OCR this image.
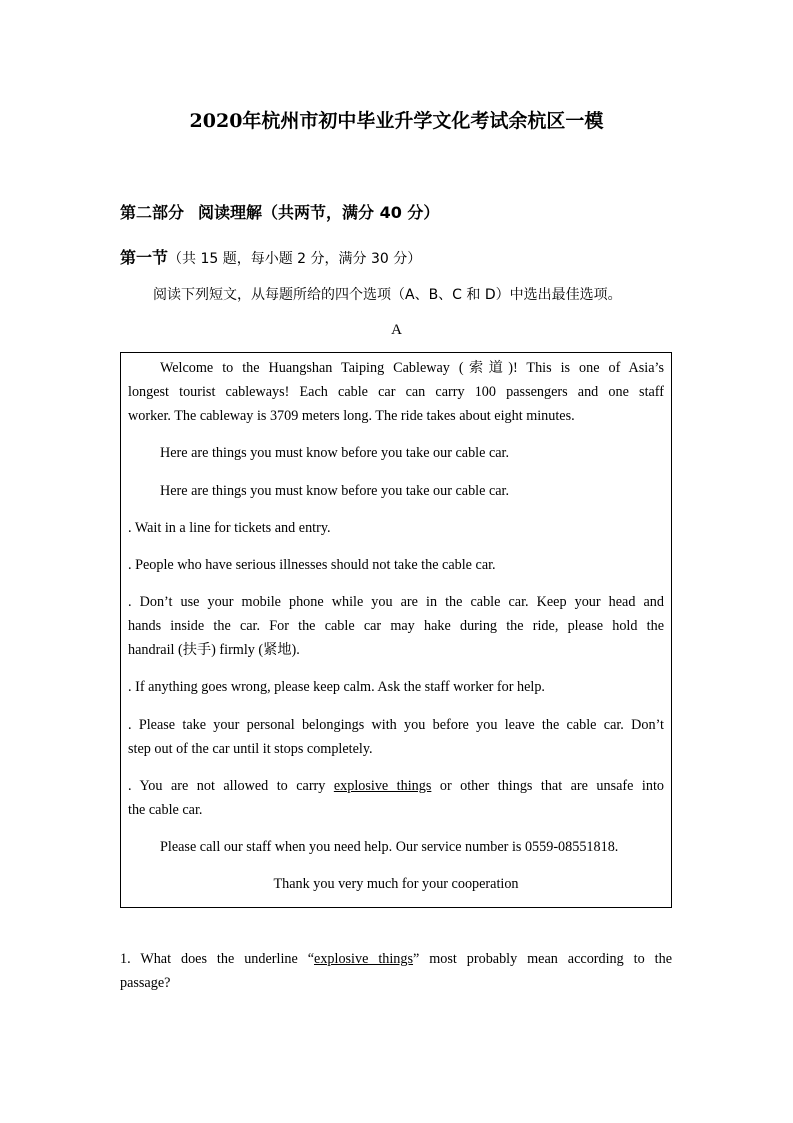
2020年杭州市初中毕业升学文化考试余杭区一模
第二部分 阅读理解（共两节，满分 40 分）
第一节（共 15 题，每小题 2 分，满分 30 分）
阅读下列短文，从每题所给的四个选项（A、B、C 和 D）中选出最佳选项。
A
Welcome to the Huangshan Taiping Cableway (索道)! This is one of Asia’s
longest tourist cableways! Each cable car can carry 100 passengers and one staff
worker. The cableway is 3709 meters long. The ride takes about eight minutes.
Here are things you must know before you take our cable car.
Here are things you must know before you take our cable car.
. Wait in a line for tickets and entry.
. People who have serious illnesses should not take the cable car.
. Don’t use your mobile phone while you are in the cable car. Keep your head and
hands inside the car. For the cable car may hake during the ride, please hold the
handrail (扶手) firmly (紧地).
. If anything goes wrong, please keep calm. Ask the staff worker for help.
. Please take your personal belongings with you before you leave the cable car. Don’t
step out of the car until it stops completely.
. You are not allowed to carry explosive things or other things that are unsafe into
the cable car.
Please call our staff when you need help. Our service number is 0559-08551818.
Thank you very much for your cooperation
1. What does the underline “explosive things” most probably mean according to the
passage?
